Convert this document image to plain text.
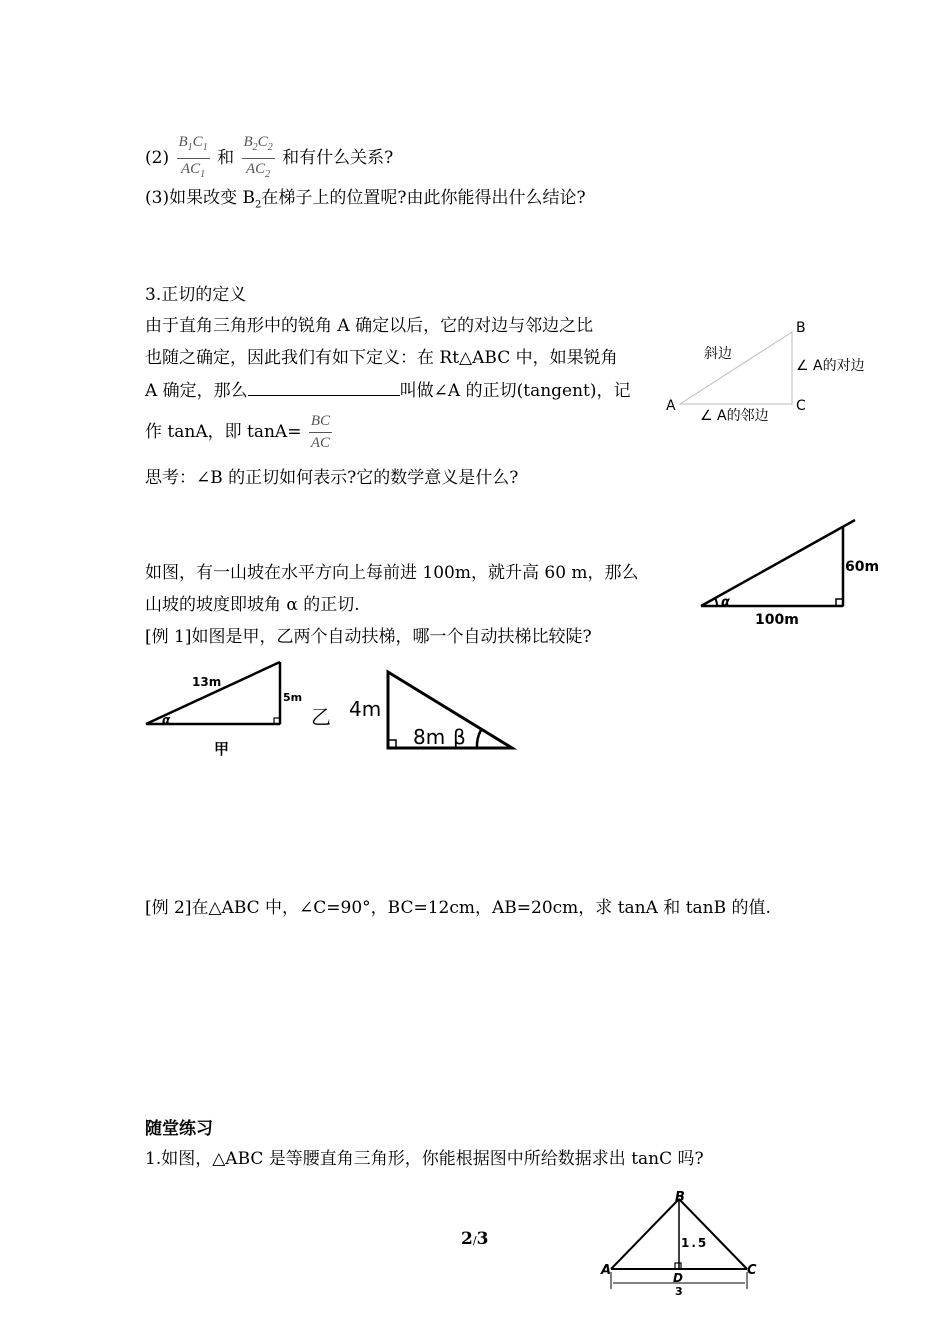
$(2) \frac{B_1C_1}{AC_1}$ 和 $\frac{B_2C_2}{AC_2}$ 和有什么关系?
(3)如果改变 $B_2$在梯子上的位置呢?由此你能得出什么结论?
3.正切的定义
由于直角三角形中的锐角 A 确定以后，它的对边与邻边之比
也随之确定，因此我们有如下定义：在 Rt△ABC 中，如果锐角
A 确定，那么	叫做∠A 的正切(tangent)，记
作 tanA，即 $\tan A= \frac{BC}{AC}$
思考：∠B 的正切如何表示?它的数学意义是什么?
B
A	C
斜边
∠ A的对边
∠ A的邻边
如图，有一山坡在水平方向上每前进 100m，就升高 60 m，那么
山坡的坡度即坡角 α 的正切.	α
60m
100m
[例 1]如图是甲，乙两个自动扶梯，哪一个自动扶梯比较陡?
α
13m
5m
甲
乙 4m
8m β
[例 2]在△ABC 中，∠C=90°，BC=12cm，AB=20cm，求 tanA 和 tanB 的值.
随堂练习
1.如图，△ABC 是等腰直角三角形，你能根据图中所给数据求出 tanC 吗?
2/3
B
A	C
D
1.5
3
